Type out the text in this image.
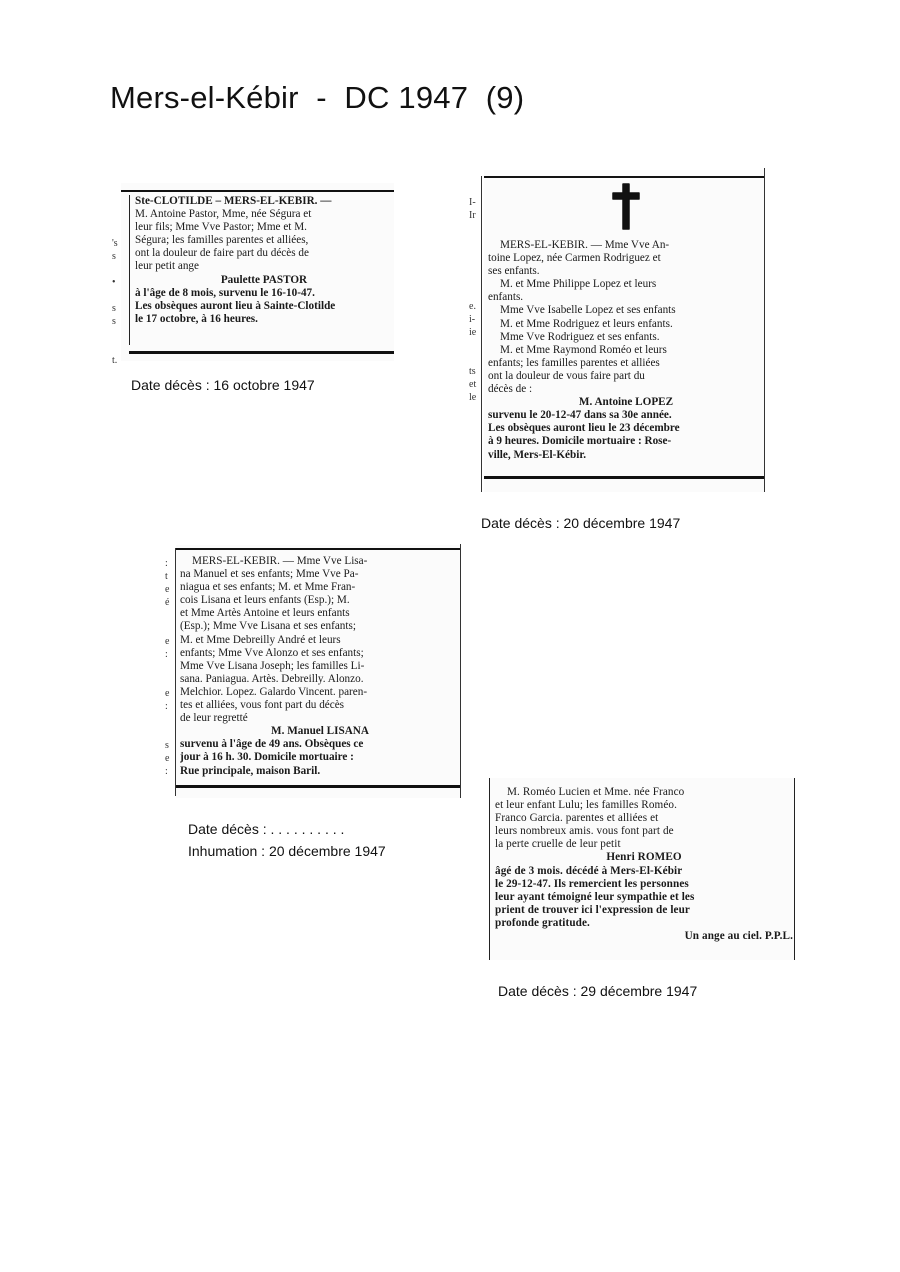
Mers-el-Kébir  -  DC 1947  (9)
Ste-CLOTILDE – MERS-EL-KEBIR. —
M. Antoine Pastor, Mme, née Ségura et
leur fils; Mme Vve Pastor; Mme et M.
Ségura; les familles parentes et alliées,
ont la douleur de faire part du décès de
leur petit ange
Paulette PASTOR
à l'âge de 8 mois, survenu le 16-10-47.
Les obsèques auront lieu à Sainte-Clotilde
le 17 octobre, à 16 heures.
's
s
•
s
s
t.
Date décès : 16 octobre 1947
MERS-EL-KEBIR. — Mme Vve An-
toine Lopez, née Carmen Rodriguez et
ses enfants.
M. et Mme Philippe Lopez et leurs
enfants.
Mme Vve Isabelle Lopez et ses enfants
M. et Mme Rodriguez et leurs enfants.
Mme Vve Rodriguez et ses enfants.
M. et Mme Raymond Roméo et leurs
enfants; les familles parentes et alliées
ont la douleur de vous faire part du
décès de :
M. Antoine LOPEZ
survenu le 20-12-47 dans sa 30e année.
Les obsèques auront lieu le 23 décembre
à 9 heures. Domicile mortuaire : Rose-
ville, Mers-El-Kébir.
I-
Ir
e.
i-
ie
ts
et
le
Date décès : 20 décembre 1947
MERS-EL-KEBIR. — Mme Vve Lisa-
na Manuel et ses enfants; Mme Vve Pa-
niagua et ses enfants; M. et Mme Fran-
cois Lisana et leurs enfants (Esp.); M.
et Mme Artès Antoine et leurs enfants
(Esp.); Mme Vve Lisana et ses enfants;
M. et Mme Debreilly André et leurs
enfants; Mme Vve Alonzo et ses enfants;
Mme Vve Lisana Joseph; les familles Li-
sana. Paniagua. Artès. Debreilly. Alonzo.
Melchior. Lopez. Galardo Vincent. paren-
tes et alliées, vous font part du décès
de leur regretté
M. Manuel LISANA
survenu à l'âge de 49 ans. Obsèques ce
jour à 16 h. 30. Domicile mortuaire :
Rue principale, maison Baril.
:
t
e
é
e
:
e
:
s
e
:
Date décès : . . . . . . . . . .
Inhumation : 20 décembre 1947
M. Roméo Lucien et Mme. née Franco
et leur enfant Lulu; les familles Roméo.
Franco Garcia. parentes et alliées et
leurs nombreux amis. vous font part de
la perte cruelle de leur petit
Henri ROMEO
âgé de 3 mois. décédé à Mers-El-Kébir
le 29-12-47. Ils remercient les personnes
leur ayant témoigné leur sympathie et les
prient de trouver ici l'expression de leur
profonde gratitude.
Un ange au ciel. P.P.L.
Date décès : 29 décembre 1947
